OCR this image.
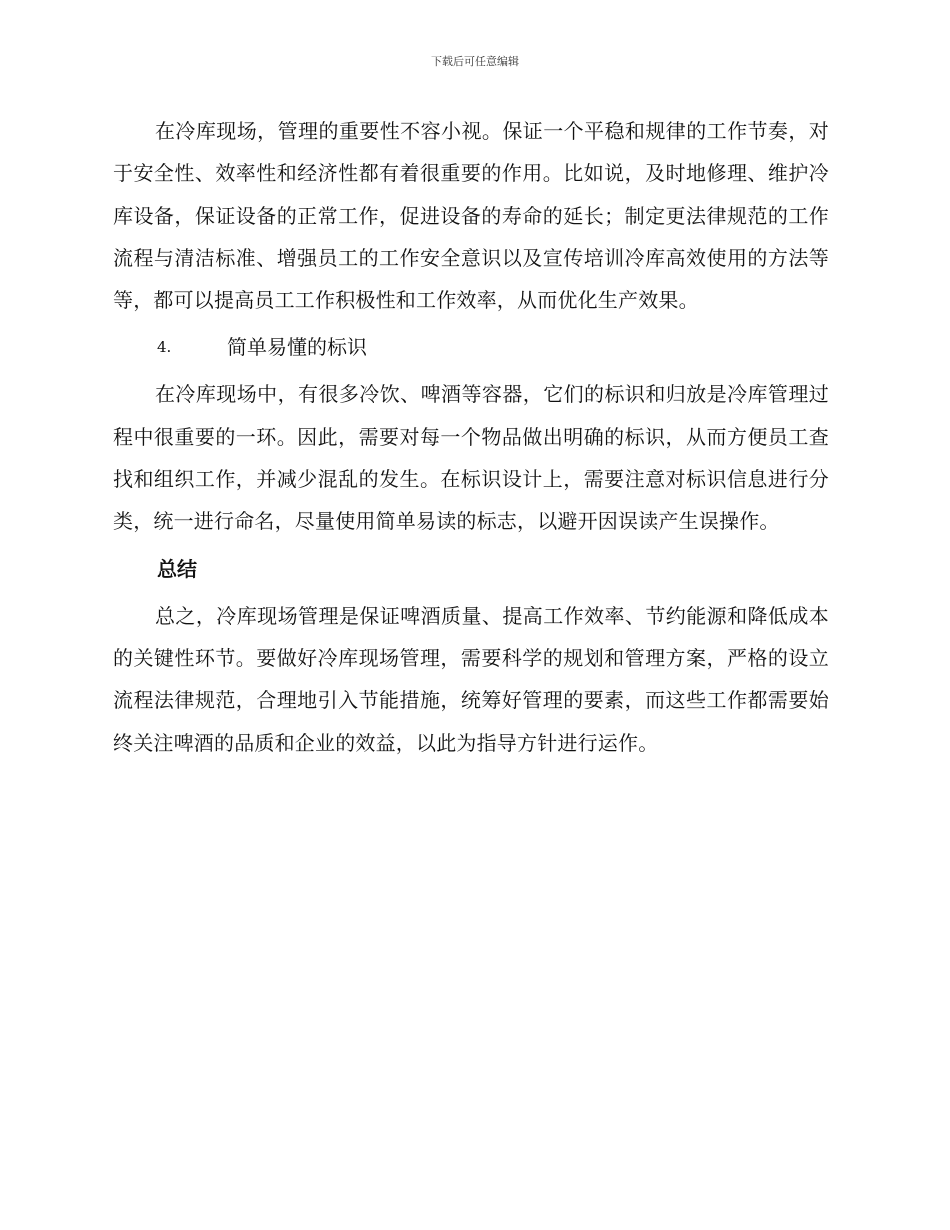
下载后可任意编辑

在冷库现场，管理的重要性不容小视。保证一个平稳和规律的工作节奏，对于安全性、效率性和经济性都有着很重要的作用。比如说，及时地修理、维护冷库设备，保证设备的正常工作，促进设备的寿命的延长；制定更法律规范的工作流程与清洁标准、增强员工的工作安全意识以及宣传培训冷库高效使用的方法等等，都可以提高员工工作积极性和工作效率，从而优化生产效果。

4.	简单易懂的标识

在冷库现场中，有很多冷饮、啤酒等容器，它们的标识和归放是冷库管理过程中很重要的一环。因此，需要对每一个物品做出明确的标识，从而方便员工查找和组织工作，并减少混乱的发生。在标识设计上，需要注意对标识信息进行分类，统一进行命名，尽量使用简单易读的标志，以避开因误读产生误操作。

总结

总之，冷库现场管理是保证啤酒质量、提高工作效率、节约能源和降低成本的关键性环节。要做好冷库现场管理，需要科学的规划和管理方案，严格的设立流程法律规范，合理地引入节能措施，统筹好管理的要素，而这些工作都需要始终关注啤酒的品质和企业的效益，以此为指导方针进行运作。
